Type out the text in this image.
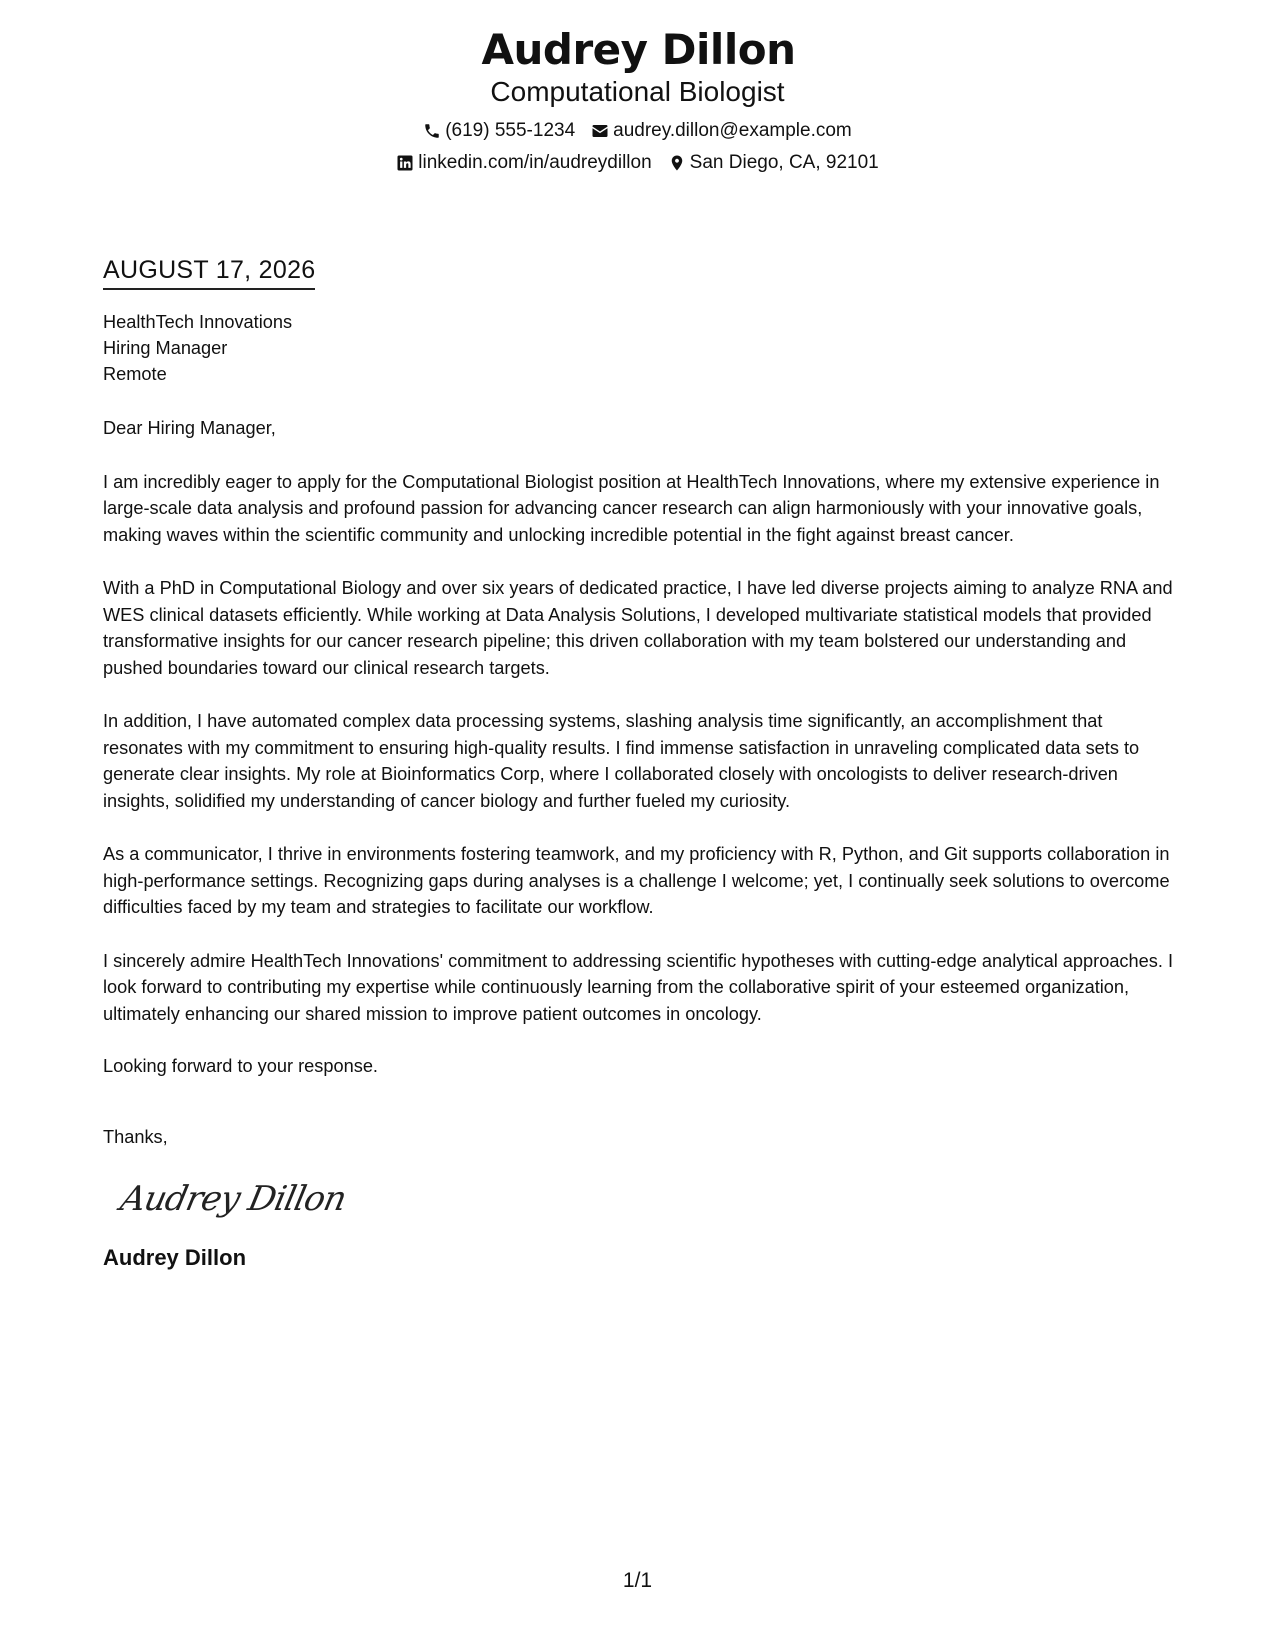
Audrey Dillon
Computational Biologist
(619) 555-1234 audrey.dillon@example.com
linkedin.com/in/audreydillon San Diego, CA, 92101
AUGUST 17, 2026
HealthTech Innovations
Hiring Manager
Remote
Dear Hiring Manager,

I am incredibly eager to apply for the Computational Biologist position at HealthTech Innovations, where my extensive experience in large-scale data analysis and profound passion for advancing cancer research can align harmoniously with your innovative goals, making waves within the scientific community and unlocking incredible potential in the fight against breast cancer.

With a PhD in Computational Biology and over six years of dedicated practice, I have led diverse projects aiming to analyze RNA and WES clinical datasets efficiently. While working at Data Analysis Solutions, I developed multivariate statistical models that provided transformative insights for our cancer research pipeline; this driven collaboration with my team bolstered our understanding and pushed boundaries toward our clinical research targets.

In addition, I have automated complex data processing systems, slashing analysis time significantly, an accomplishment that resonates with my commitment to ensuring high-quality results. I find immense satisfaction in unraveling complicated data sets to generate clear insights. My role at Bioinformatics Corp, where I collaborated closely with oncologists to deliver research-driven insights, solidified my understanding of cancer biology and further fueled my curiosity.

As a communicator, I thrive in environments fostering teamwork, and my proficiency with R, Python, and Git supports collaboration in high-performance settings. Recognizing gaps during analyses is a challenge I welcome; yet, I continually seek solutions to overcome difficulties faced by my team and strategies to facilitate our workflow.

I sincerely admire HealthTech Innovations' commitment to addressing scientific hypotheses with cutting-edge analytical approaches. I look forward to contributing my expertise while continuously learning from the collaborative spirit of your esteemed organization, ultimately enhancing our shared mission to improve patient outcomes in oncology.

Looking forward to your response.
Thanks,
Audrey Dillon
Audrey Dillon
1/1
